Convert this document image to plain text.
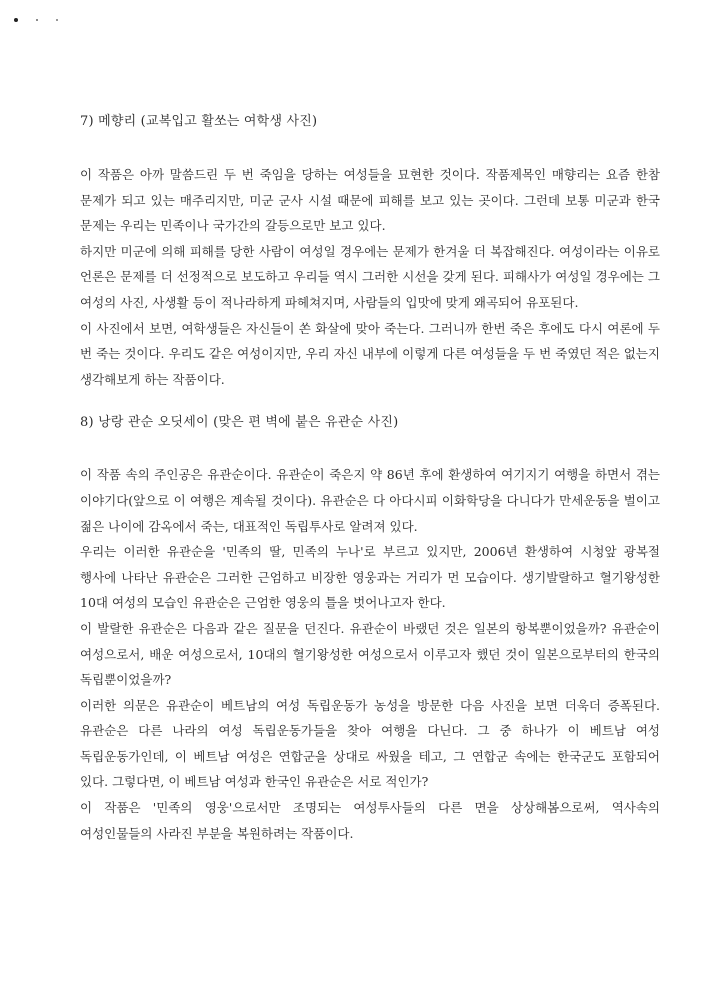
7) 메향리 (교복입고 활쏘는 여학생 사진)

이 작품은 아까 말씀드린 두 번 죽임을 당하는 여성들을 묘현한 것이다. 작품제목인 매향리는 요즘 한참 문제가 되고 있는 매주리지만, 미군 군사 시설 때문에 피해를 보고 있는 곳이다. 그런데 보통 미군과 한국 문제는 우리는 민족이나 국가간의 갈등으로만 보고 있다.

하지만 미군에 의해 피해를 당한 사람이 여성일 경우에는 문제가 한겨울 더 복잡해진다. 여성이라는 이유로 언론은 문제를 더 선정적으로 보도하고 우리들 역시 그러한 시선을 갖게 된다. 피해사가 여성일 경우에는 그 여성의 사진, 사생활 등이 적나라하게 파헤쳐지며, 사람들의 입맛에 맞게 왜곡되어 유포된다.

이 사진에서 보면, 여학생들은 자신들이 쏜 화살에 맞아 죽는다. 그러니까 한번 죽은 후에도 다시 여론에 두 번 죽는 것이다. 우리도 같은 여성이지만, 우리 자신 내부에 이렇게 다른 여성들을 두 번 죽였던 적은 없는지 생각해보게 하는 작품이다.

8) 낭랑 관순 오딧세이 (맞은 편 벽에 붙은 유관순 사진)

이 작품 속의 주인공은 유관순이다. 유관순이 죽은지 약 86년 후에 환생하여 여기지기 여행을 하면서 겪는 이야기다(앞으로 이 여행은 계속될 것이다). 유관순은 다 아다시피 이화학당을 다니다가 만세운동을 벌이고 젊은 나이에 감옥에서 죽는, 대표적인 독립투사로 알려져 있다.

우리는 이러한 유관순을 '민족의 딸, 민족의 누나'로 부르고 있지만, 2006년 환생하여 시청앞 광복절 행사에 나타난 유관순은 그러한 근엄하고 비장한 영웅과는 거리가 먼 모습이다. 생기발랄하고 혈기왕성한 10대 여성의 모습인 유관순은 근엄한 영웅의 틀을 벗어나고자 한다.

이 발랄한 유관순은 다음과 같은 질문을 던진다. 유관순이 바랬던 것은 일본의 항복뿐이었을까? 유관순이 여성으로서, 배운 여성으로서, 10대의 혈기왕성한 여성으로서 이루고자 했던 것이 일본으로부터의 한국의 독립뿐이었을까?

이러한 의문은 유관순이 베트남의 여성 독립운동가 농성을 방문한 다음 사진을 보면 더욱더 증폭된다. 유관순은 다른 나라의 여성 독립운동가들을 찾아 여행을 다닌다. 그 중 하나가 이 베트남 여성 독립운동가인데, 이 베트남 여성은 연합군을 상대로 싸웠을 테고, 그 연합군 속에는 한국군도 포함되어 있다. 그렇다면, 이 베트남 여성과 한국인 유관순은 서로 적인가?

이 작품은 '민족의 영웅'으로서만 조명되는 여성투사들의 다른 면을 상상해봄으로써, 역사속의 여성인물들의 사라진 부분을 복원하려는 작품이다.
